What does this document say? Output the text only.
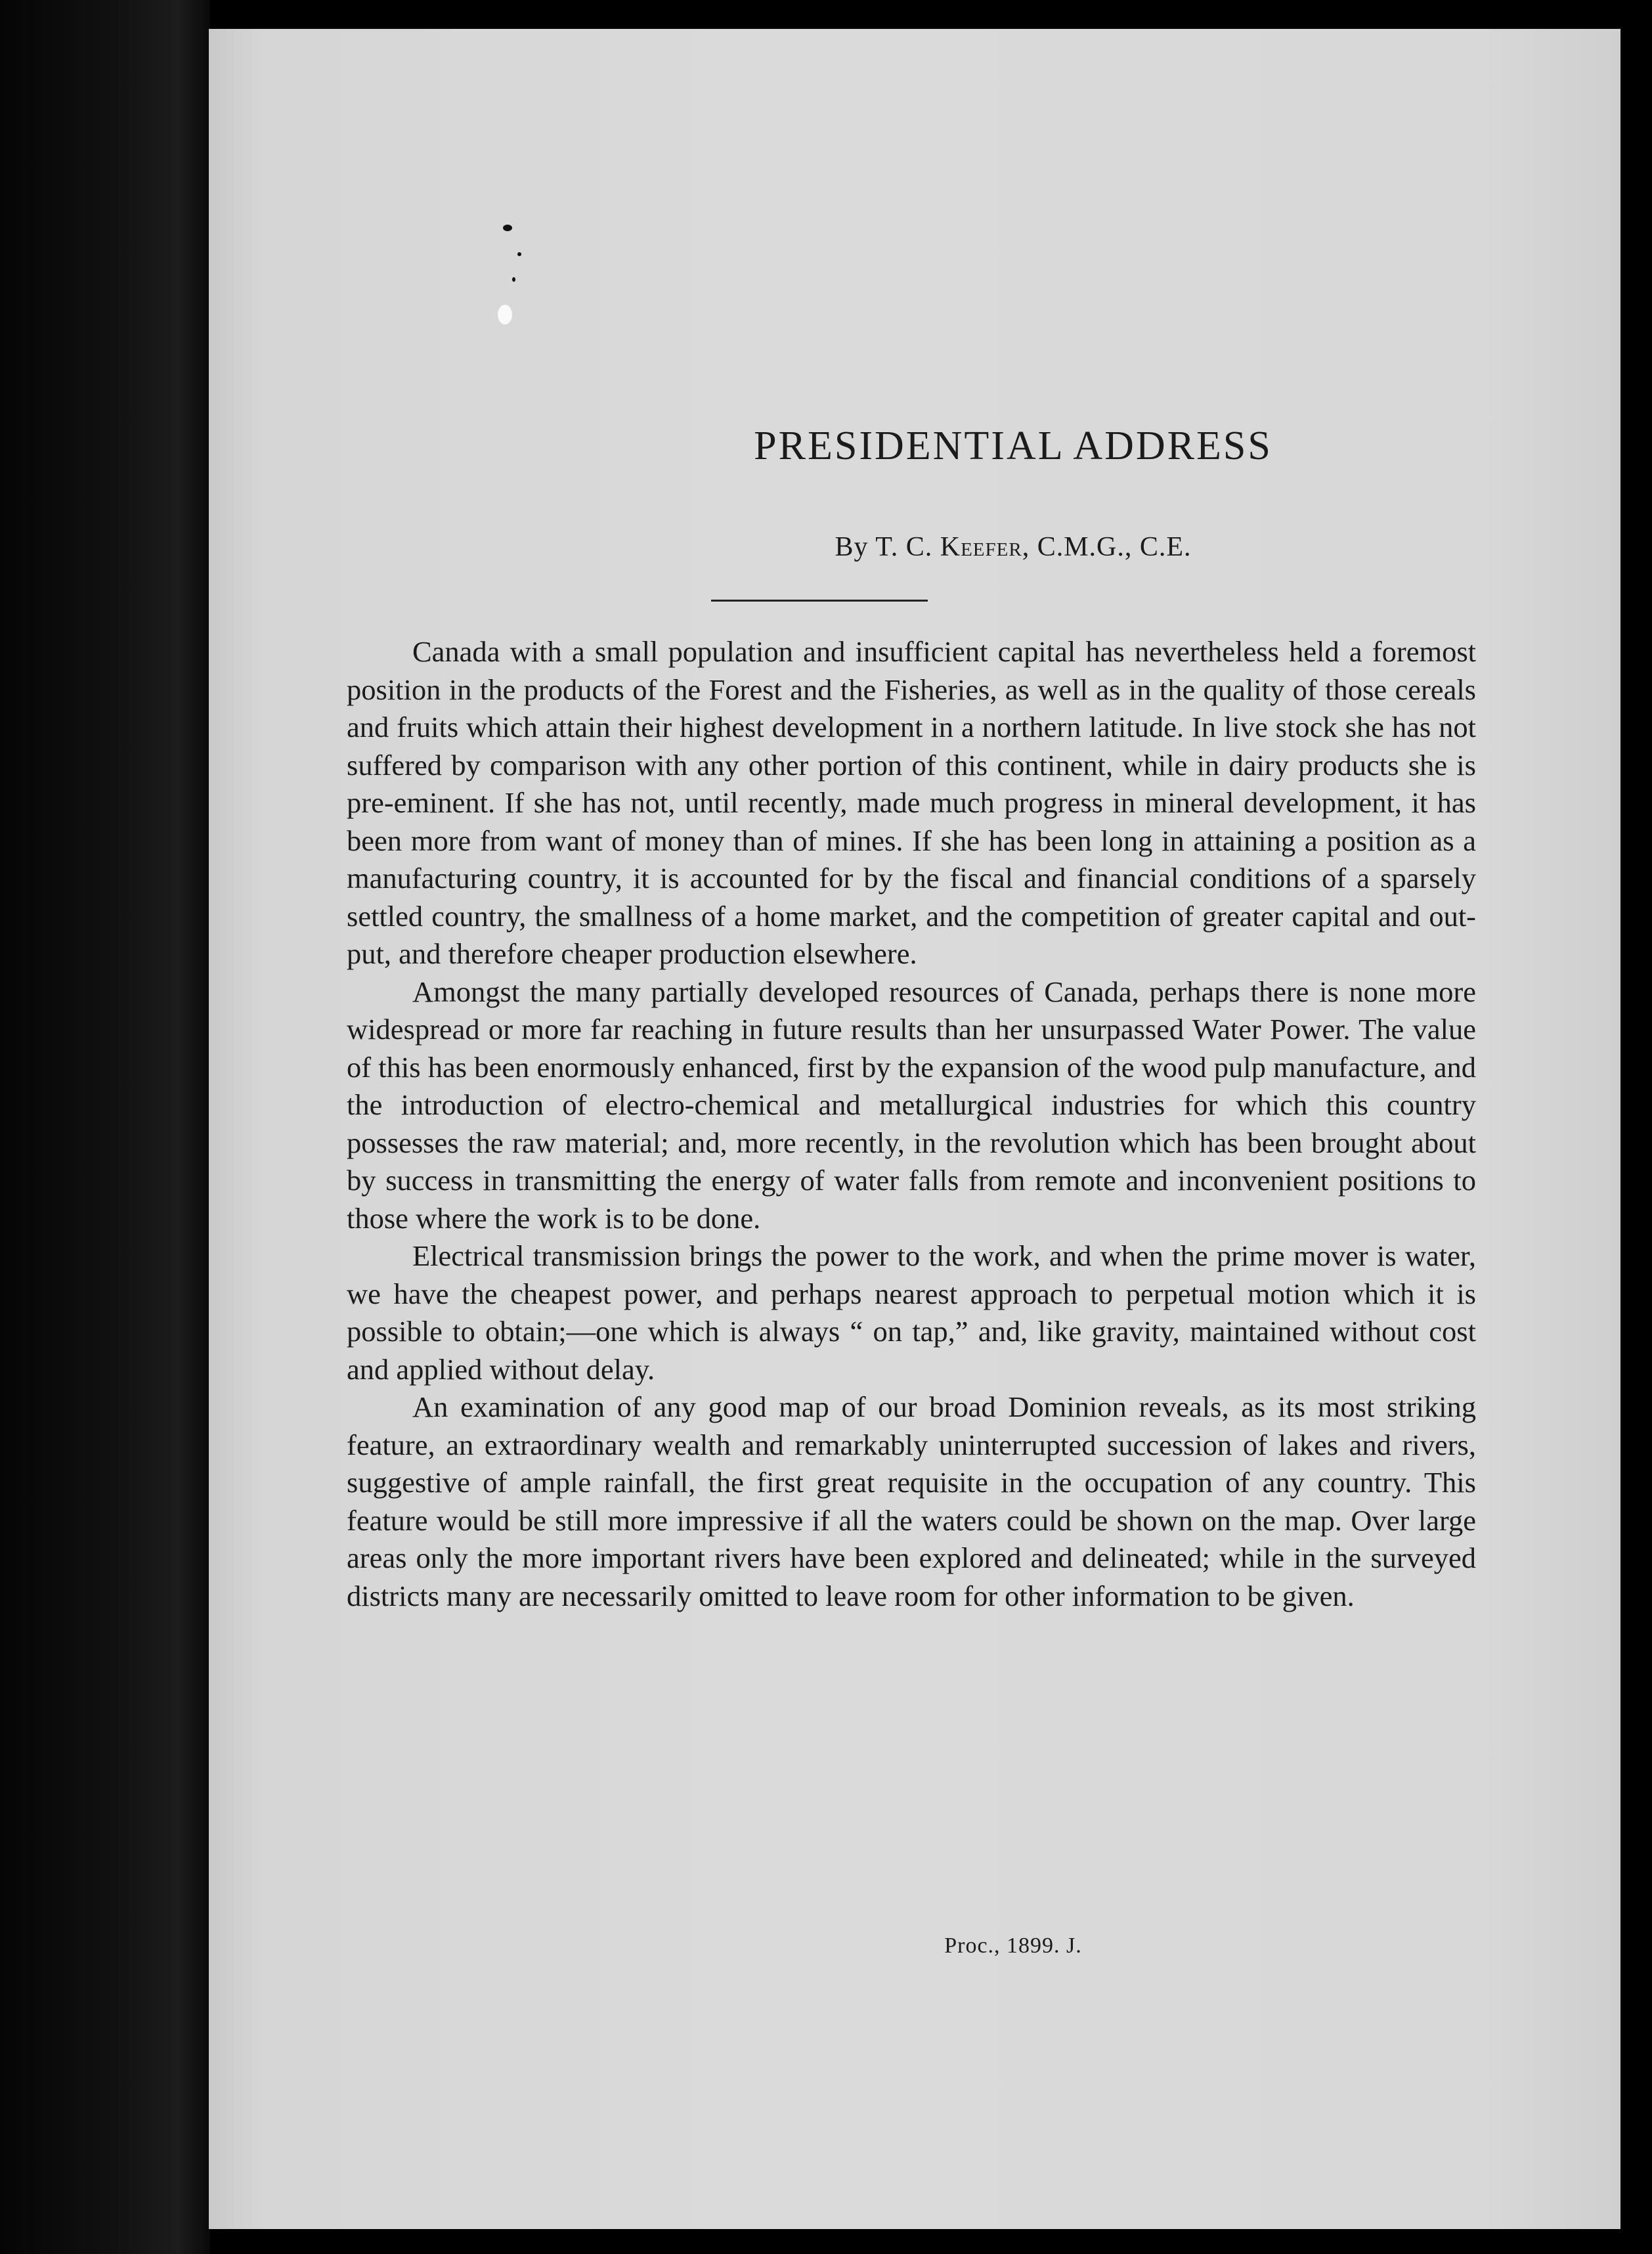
PRESIDENTIAL ADDRESS
By T. C. Keefer, C.M.G., C.E.

Canada with a small population and insufficient capital has nevertheless held a foremost position in the products of the Forest and the Fisheries, as well as in the quality of those cereals and fruits which attain their highest development in a northern latitude. In live stock she has not suffered by comparison with any other portion of this continent, while in dairy products she is pre-eminent. If she has not, until recently, made much progress in mineral development, it has been more from want of money than of mines. If she has been long in attaining a position as a manufacturing country, it is accounted for by the fiscal and financial conditions of a sparsely settled country, the smallness of a home market, and the competition of greater capital and out-put, and therefore cheaper production elsewhere.

Amongst the many partially developed resources of Canada, perhaps there is none more widespread or more far reaching in future results than her unsurpassed Water Power. The value of this has been enormously enhanced, first by the expansion of the wood pulp manufacture, and the introduction of electro-chemical and metallurgical industries for which this country possesses the raw material; and, more recently, in the revolution which has been brought about by success in transmitting the energy of water falls from remote and inconvenient positions to those where the work is to be done.

Electrical transmission brings the power to the work, and when the prime mover is water, we have the cheapest power, and perhaps nearest approach to perpetual motion which it is possible to obtain;—one which is always “ on tap,” and, like gravity, maintained without cost and applied without delay.

An examination of any good map of our broad Dominion reveals, as its most striking feature, an extraordinary wealth and remarkably uninterrupted succession of lakes and rivers, suggestive of ample rainfall, the first great requisite in the occupation of any country. This feature would be still more impressive if all the waters could be shown on the map. Over large areas only the more important rivers have been explored and delineated; while in the surveyed districts many are necessarily omitted to leave room for other information to be given.

Proc., 1899. J.
